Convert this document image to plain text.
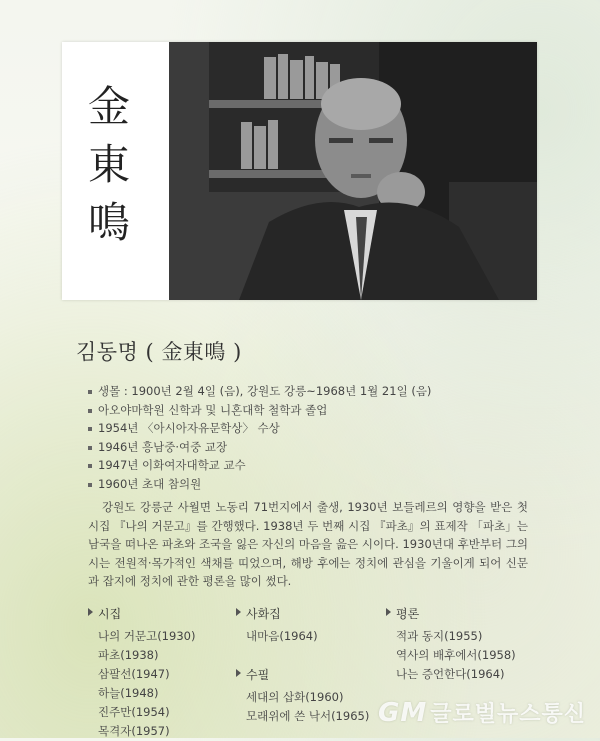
金
東
鳴
김동명 ( 金東鳴 )
생몰 : 1900년 2월 4일 (음), 강원도 강릉~1968년 1월 21일 (음)
아오야마학원 신학과 및 니혼대학 철학과 졸업
1954년 〈아시아자유문학상〉 수상
1946년 흥남중·여중 교장
1947년 이화여자대학교 교수
1960년 초대 참의원
강원도 강릉군 사월면 노동리 71번지에서 출생, 1930년 보들레르의 영향을 받은 첫 시집 『나의 거문고』를 간행했다. 1938년 두 번째 시집 『파초』의 표제작 「파초」는 남국을 떠나온 파초와 조국을 잃은 자신의 마음을 읊은 시이다. 1930년대 후반부터 그의 시는 전원적·목가적인 색채를 띠었으며, 해방 후에는 정치에 관심을 기울이게 되어 신문과 잡지에 정치에 관한 평론을 많이 썼다.
시집
나의 거문고(1930)
파초(1938)
삼팔선(1947)
하늘(1948)
진주만(1954)
목격자(1957)
사화집
내마음(1964)
수필
세대의 삽화(1960)
모래위에 쓴 낙서(1965)
평론
적과 동지(1955)
역사의 배후에서(1958)
나는 증언한다(1964)
GM 글로벌뉴스통신
